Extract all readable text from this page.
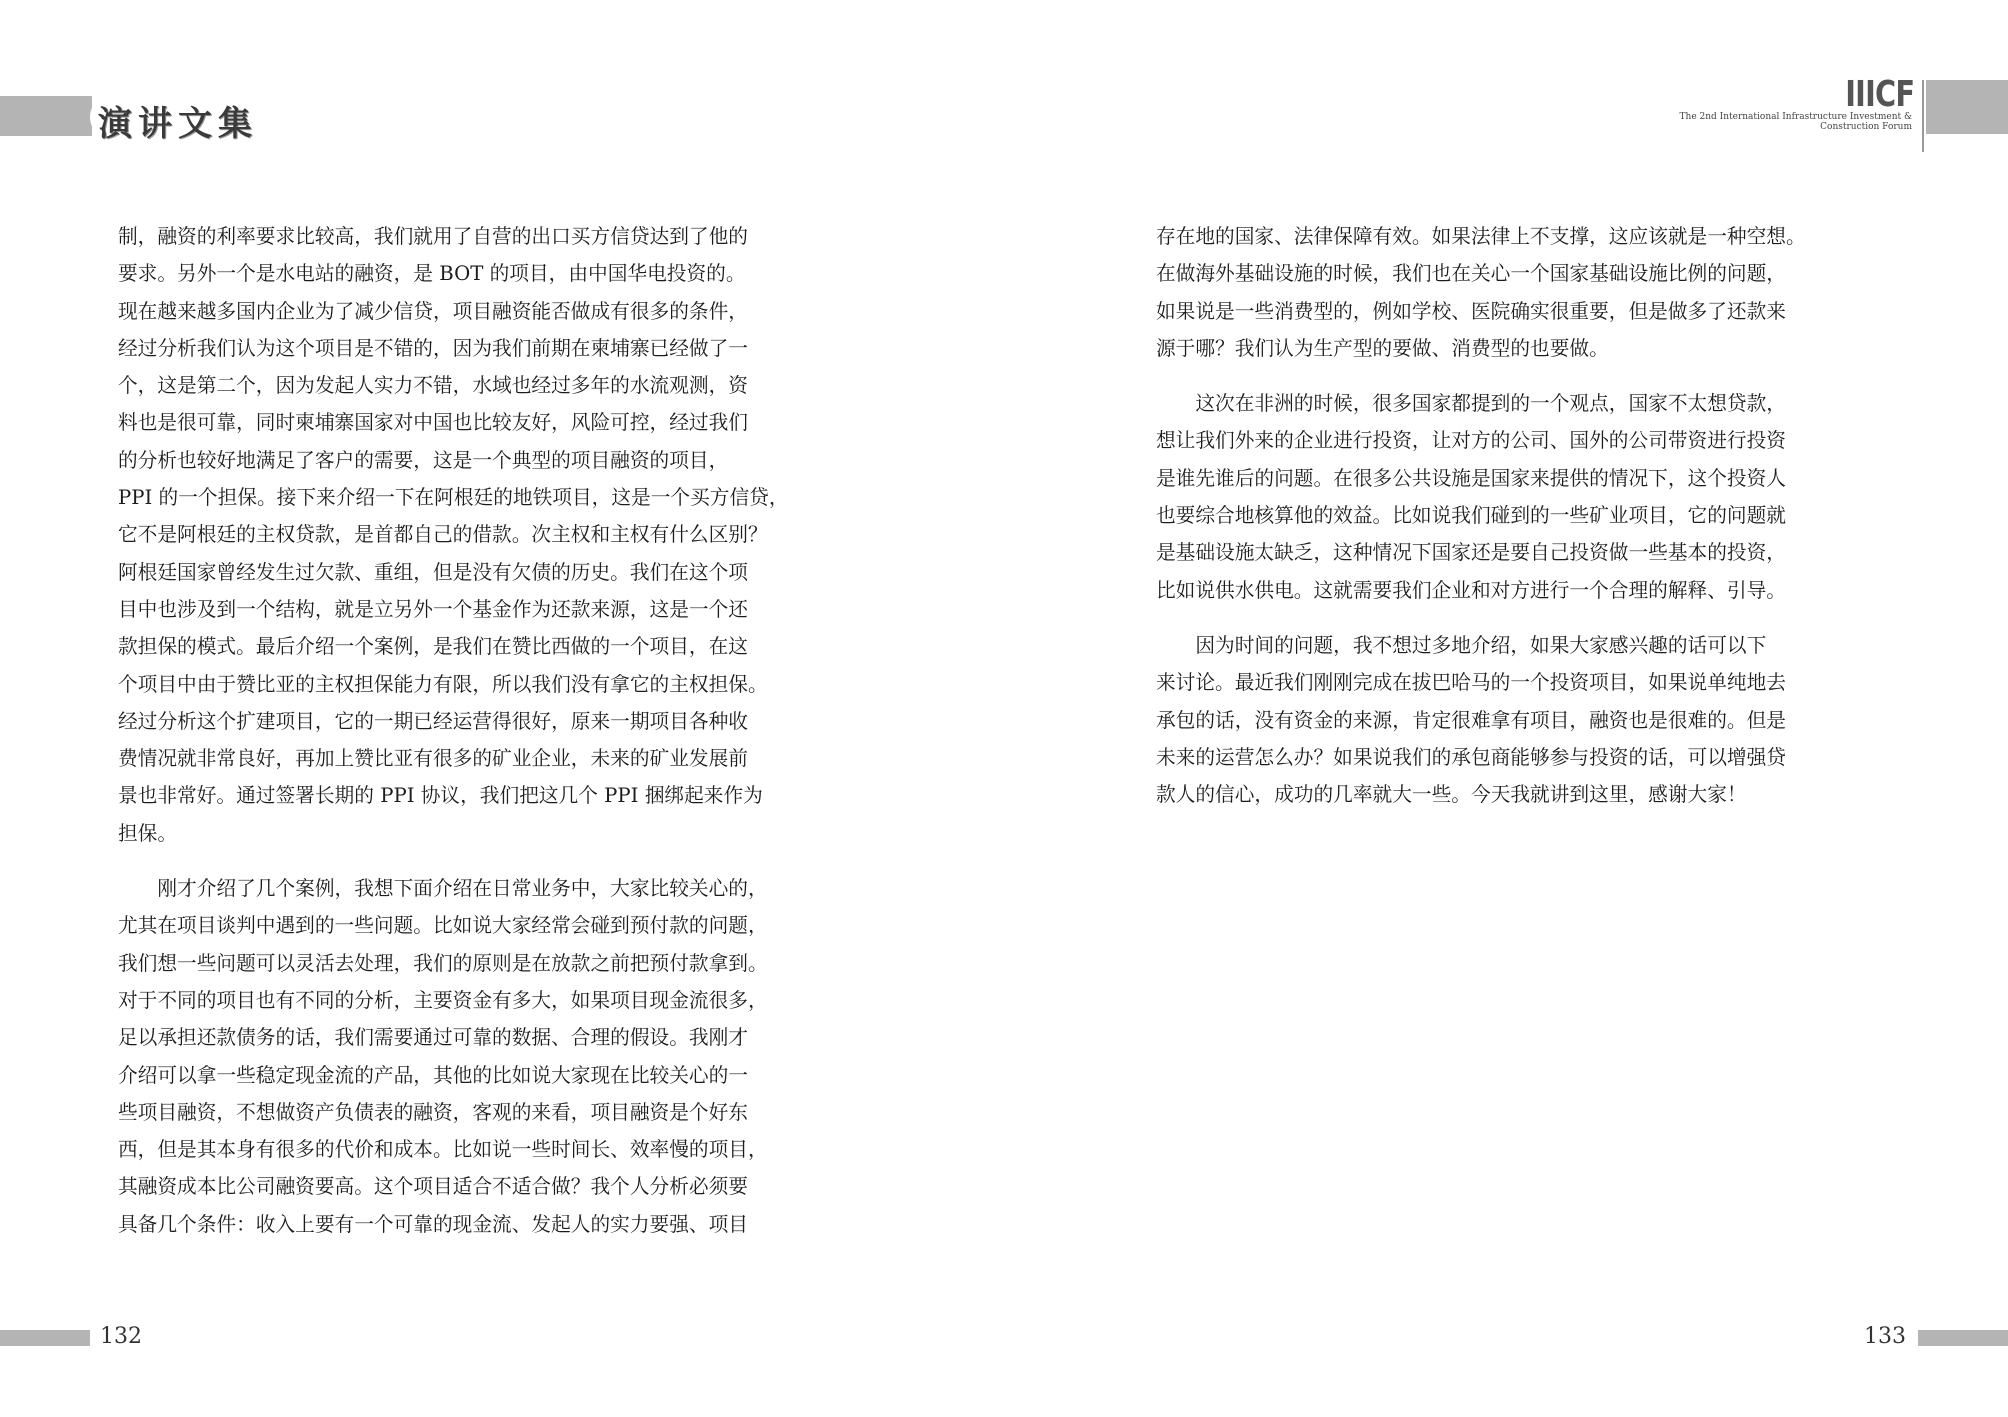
演讲文集
制，融资的利率要求比较高，我们就用了自营的出口买方信贷达到了他的
要求。另外一个是水电站的融资，是 BOT 的项目，由中国华电投资的。
现在越来越多国内企业为了减少信贷，项目融资能否做成有很多的条件，
经过分析我们认为这个项目是不错的，因为我们前期在柬埔寨已经做了一
个，这是第二个，因为发起人实力不错，水域也经过多年的水流观测，资
料也是很可靠，同时柬埔寨国家对中国也比较友好，风险可控，经过我们
的分析也较好地满足了客户的需要，这是一个典型的项目融资的项目，
PPI 的一个担保。接下来介绍一下在阿根廷的地铁项目，这是一个买方信贷，
它不是阿根廷的主权贷款，是首都自己的借款。次主权和主权有什么区别？
阿根廷国家曾经发生过欠款、重组，但是没有欠债的历史。我们在这个项
目中也涉及到一个结构，就是立另外一个基金作为还款来源，这是一个还
款担保的模式。最后介绍一个案例，是我们在赞比西做的一个项目，在这
个项目中由于赞比亚的主权担保能力有限，所以我们没有拿它的主权担保。
经过分析这个扩建项目，它的一期已经运营得很好，原来一期项目各种收
费情况就非常良好，再加上赞比亚有很多的矿业企业，未来的矿业发展前
景也非常好。通过签署长期的 PPI 协议，我们把这几个 PPI 捆绑起来作为
担保。
　　刚才介绍了几个案例，我想下面介绍在日常业务中，大家比较关心的，
尤其在项目谈判中遇到的一些问题。比如说大家经常会碰到预付款的问题，
我们想一些问题可以灵活去处理，我们的原则是在放款之前把预付款拿到。
对于不同的项目也有不同的分析，主要资金有多大，如果项目现金流很多，
足以承担还款债务的话，我们需要通过可靠的数据、合理的假设。我刚才
介绍可以拿一些稳定现金流的产品，其他的比如说大家现在比较关心的一
些项目融资，不想做资产负债表的融资，客观的来看，项目融资是个好东
西，但是其本身有很多的代价和成本。比如说一些时间长、效率慢的项目，
其融资成本比公司融资要高。这个项目适合不适合做？我个人分析必须要
具备几个条件：收入上要有一个可靠的现金流、发起人的实力要强、项目
132
IIICF
The 2nd International Infrastructure Investment &
Construction Forum
存在地的国家、法律保障有效。如果法律上不支撑，这应该就是一种空想。
在做海外基础设施的时候，我们也在关心一个国家基础设施比例的问题，
如果说是一些消费型的，例如学校、医院确实很重要，但是做多了还款来
源于哪？我们认为生产型的要做、消费型的也要做。
　　这次在非洲的时候，很多国家都提到的一个观点，国家不太想贷款，
想让我们外来的企业进行投资，让对方的公司、国外的公司带资进行投资
是谁先谁后的问题。在很多公共设施是国家来提供的情况下，这个投资人
也要综合地核算他的效益。比如说我们碰到的一些矿业项目，它的问题就
是基础设施太缺乏，这种情况下国家还是要自己投资做一些基本的投资，
比如说供水供电。这就需要我们企业和对方进行一个合理的解释、引导。
　　因为时间的问题，我不想过多地介绍，如果大家感兴趣的话可以下
来讨论。最近我们刚刚完成在拔巴哈马的一个投资项目，如果说单纯地去
承包的话，没有资金的来源，肯定很难拿有项目，融资也是很难的。但是
未来的运营怎么办？如果说我们的承包商能够参与投资的话，可以增强贷
款人的信心，成功的几率就大一些。今天我就讲到这里，感谢大家！
133
